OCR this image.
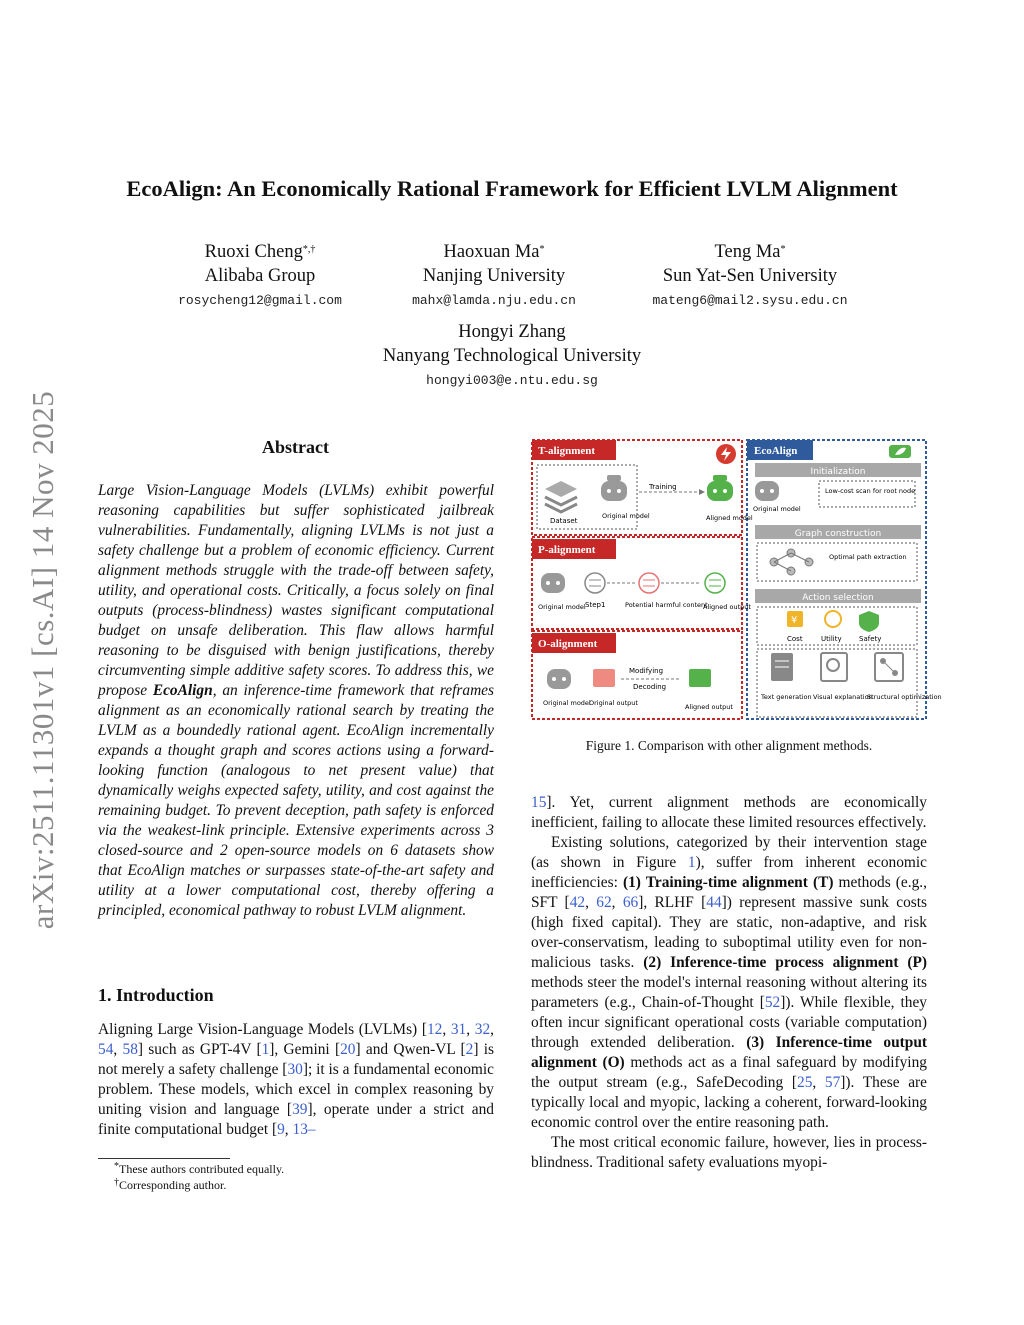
arXiv:2511.11301v1 [cs.AI] 14 Nov 2025
EcoAlign: An Economically Rational Framework for Efficient LVLM Alignment
Ruoxi Cheng*,†
Alibaba Group
rosycheng12@gmail.com
Haoxuan Ma*
Nanjing University
mahx@lamda.nju.edu.cn
Teng Ma*
Sun Yat-Sen University
mateng6@mail2.sysu.edu.cn
Hongyi Zhang
Nanyang Technological University
hongyi003@e.ntu.edu.sg
Abstract
Large Vision-Language Models (LVLMs) exhibit powerful reasoning capabilities but suffer sophisticated jailbreak vulnerabilities. Fundamentally, aligning LVLMs is not just a safety challenge but a problem of economic efficiency. Current alignment methods struggle with the trade-off between safety, utility, and operational costs. Critically, a focus solely on final outputs (process-blindness) wastes significant computational budget on unsafe deliberation. This flaw allows harmful reasoning to be disguised with benign justifications, thereby circumventing simple additive safety scores. To address this, we propose EcoAlign, an inference-time framework that reframes alignment as an economically rational search by treating the LVLM as a boundedly rational agent. EcoAlign incrementally expands a thought graph and scores actions using a forward-looking function (analogous to net present value) that dynamically weighs expected safety, utility, and cost against the remaining budget. To prevent deception, path safety is enforced via the weakest-link principle. Extensive experiments across 3 closed-source and 2 open-source models on 6 datasets show that EcoAlign matches or surpasses state-of-the-art safety and utility at a lower computational cost, thereby offering a principled, economical pathway to robust LVLM alignment.
1. Introduction
Aligning Large Vision-Language Models (LVLMs) [12, 31, 32, 54, 58] such as GPT-4V [1], Gemini [20] and Qwen-VL [2] is not merely a safety challenge [30]; it is a fundamental economic problem. These models, which excel in complex reasoning by uniting vision and language [39], operate under a strict and finite computational budget [9, 13–
*These authors contributed equally.
†Corresponding author.
T-alignment
P-alignment
O-alignment
EcoAlign
Dataset
Original model
Training
Aligned model
Original model Step1	Potential harmful content
Aligned output
Original model
Original output
Modifying
Decoding
Aligned output
Initialization
Original model
Low-cost scan for root node
Graph construction
Optimal path extraction
Action selection
¥
Cost	Utility Safety
Text generation Visual explanation
Structural optimization
Figure 1. Comparison with other alignment methods.

15]. Yet, current alignment methods are economically inefficient, failing to allocate these limited resources effectively.

Existing solutions, categorized by their intervention stage (as shown in Figure 1), suffer from inherent economic inefficiencies: (1) Training-time alignment (T) methods (e.g., SFT [42, 62, 66], RLHF [44]) represent massive sunk costs (high fixed capital). They are static, non-adaptive, and risk over-conservatism, leading to suboptimal utility even for non-malicious tasks. (2) Inference-time process alignment (P) methods steer the model's internal reasoning without altering its parameters (e.g., Chain-of-Thought [52]). While flexible, they often incur significant operational costs (variable computation) through extended deliberation. (3) Inference-time output alignment (O) methods act as a final safeguard by modifying the output stream (e.g., SafeDecoding [25, 57]). These are typically local and myopic, lacking a coherent, forward-looking economic control over the entire reasoning path.

The most critical economic failure, however, lies in process-blindness. Traditional safety evaluations myopi-
